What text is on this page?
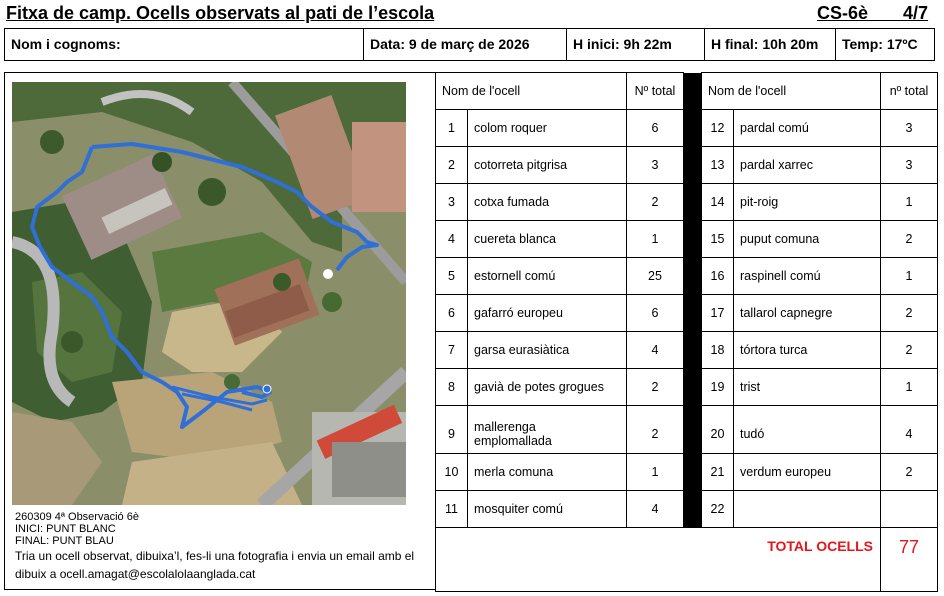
Fitxa de camp. Ocells observats al pati de l’escola	CS-6è 4/7
Nom i cognoms:	Data: 9 de març de 2026	H inici: 9h 22m	H final: 10h 20m	Temp: 17ºC
260309 4ª Observació 6è
INICI: PUNT BLANC
FINAL: PUNT BLAU
Tria un ocell observat, dibuixa’l, fes-li una fotografia i envia un email amb el
dibuix a ocell.amagat@escolalolaanglada.cat
Nom de l'ocell		Nº total		Nom de l'ocell		nº total
1	colom roquer	6		12	pardal comú	3
2	cotorreta pitgrisa	3		13	pardal xarrec	3
3	cotxa fumada	2		14	pit-roig	1
4	cuereta blanca	1		15	puput comuna	2
5	estornell comú	25		16	raspinell comú	1
6	gafarró europeu	6		17	tallarol capnegre	2
7	garsa eurasiàtica	4		18	tórtora turca	2
8	gavià de potes grogues	2		19	trist	1
9	mallerenga emplomallada	2		20	tudó	4
10	merla comuna	1		21	verdum europeu	2
11	mosquiter comú	4		22		
TOTAL OCELLS						77
